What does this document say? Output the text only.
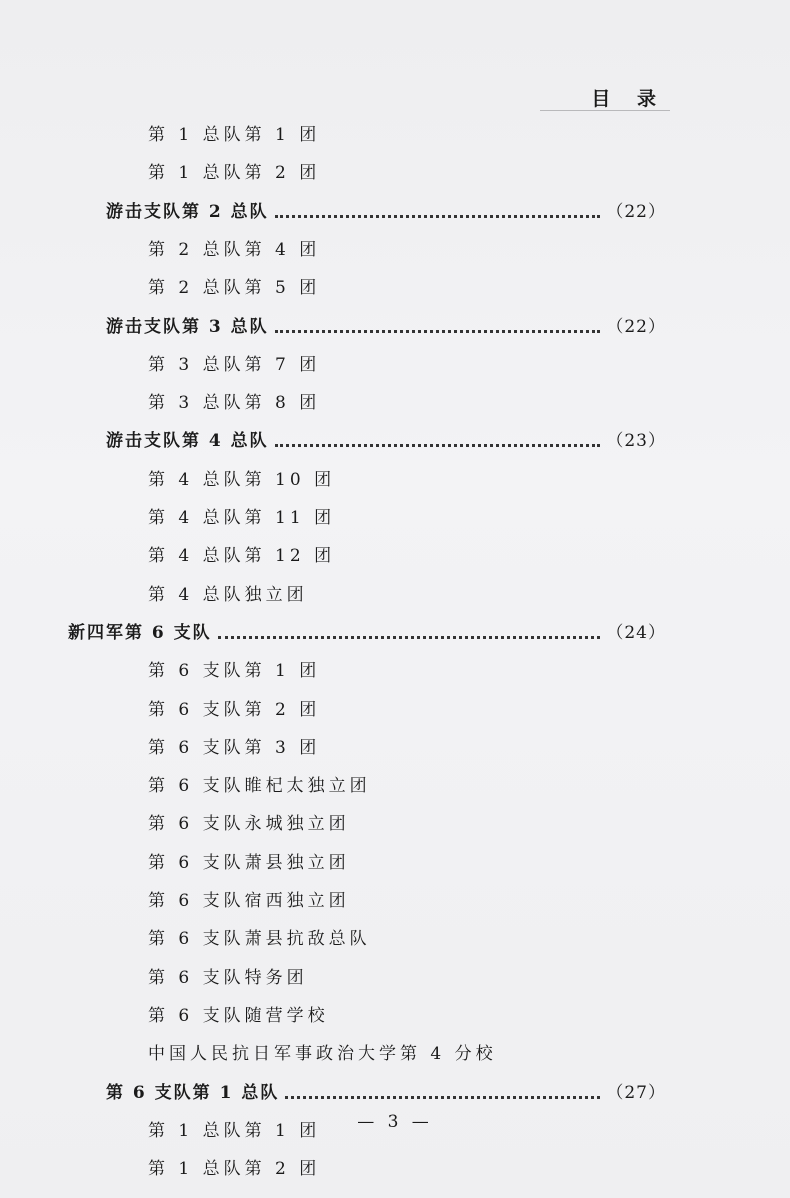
目 录
第 1 总队第 1 团
第 1 总队第 2 团
游击支队第 2 总队	（22）
第 2 总队第 4 团
第 2 总队第 5 团
游击支队第 3 总队	（22）
第 3 总队第 7 团
第 3 总队第 8 团
游击支队第 4 总队	（23）
第 4 总队第 10 团
第 4 总队第 11 团
第 4 总队第 12 团
第 4 总队独立团
新四军第 6 支队	（24）
第 6 支队第 1 团
第 6 支队第 2 团
第 6 支队第 3 团
第 6 支队睢杞太独立团
第 6 支队永城独立团
第 6 支队萧县独立团
第 6 支队宿西独立团
第 6 支队萧县抗敌总队
第 6 支队特务团
第 6 支队随营学校
中国人民抗日军事政治大学第 4 分校
第 6 支队第 1 总队	（27）
第 1 总队第 1 团
第 1 总队第 2 团
— 3 —
